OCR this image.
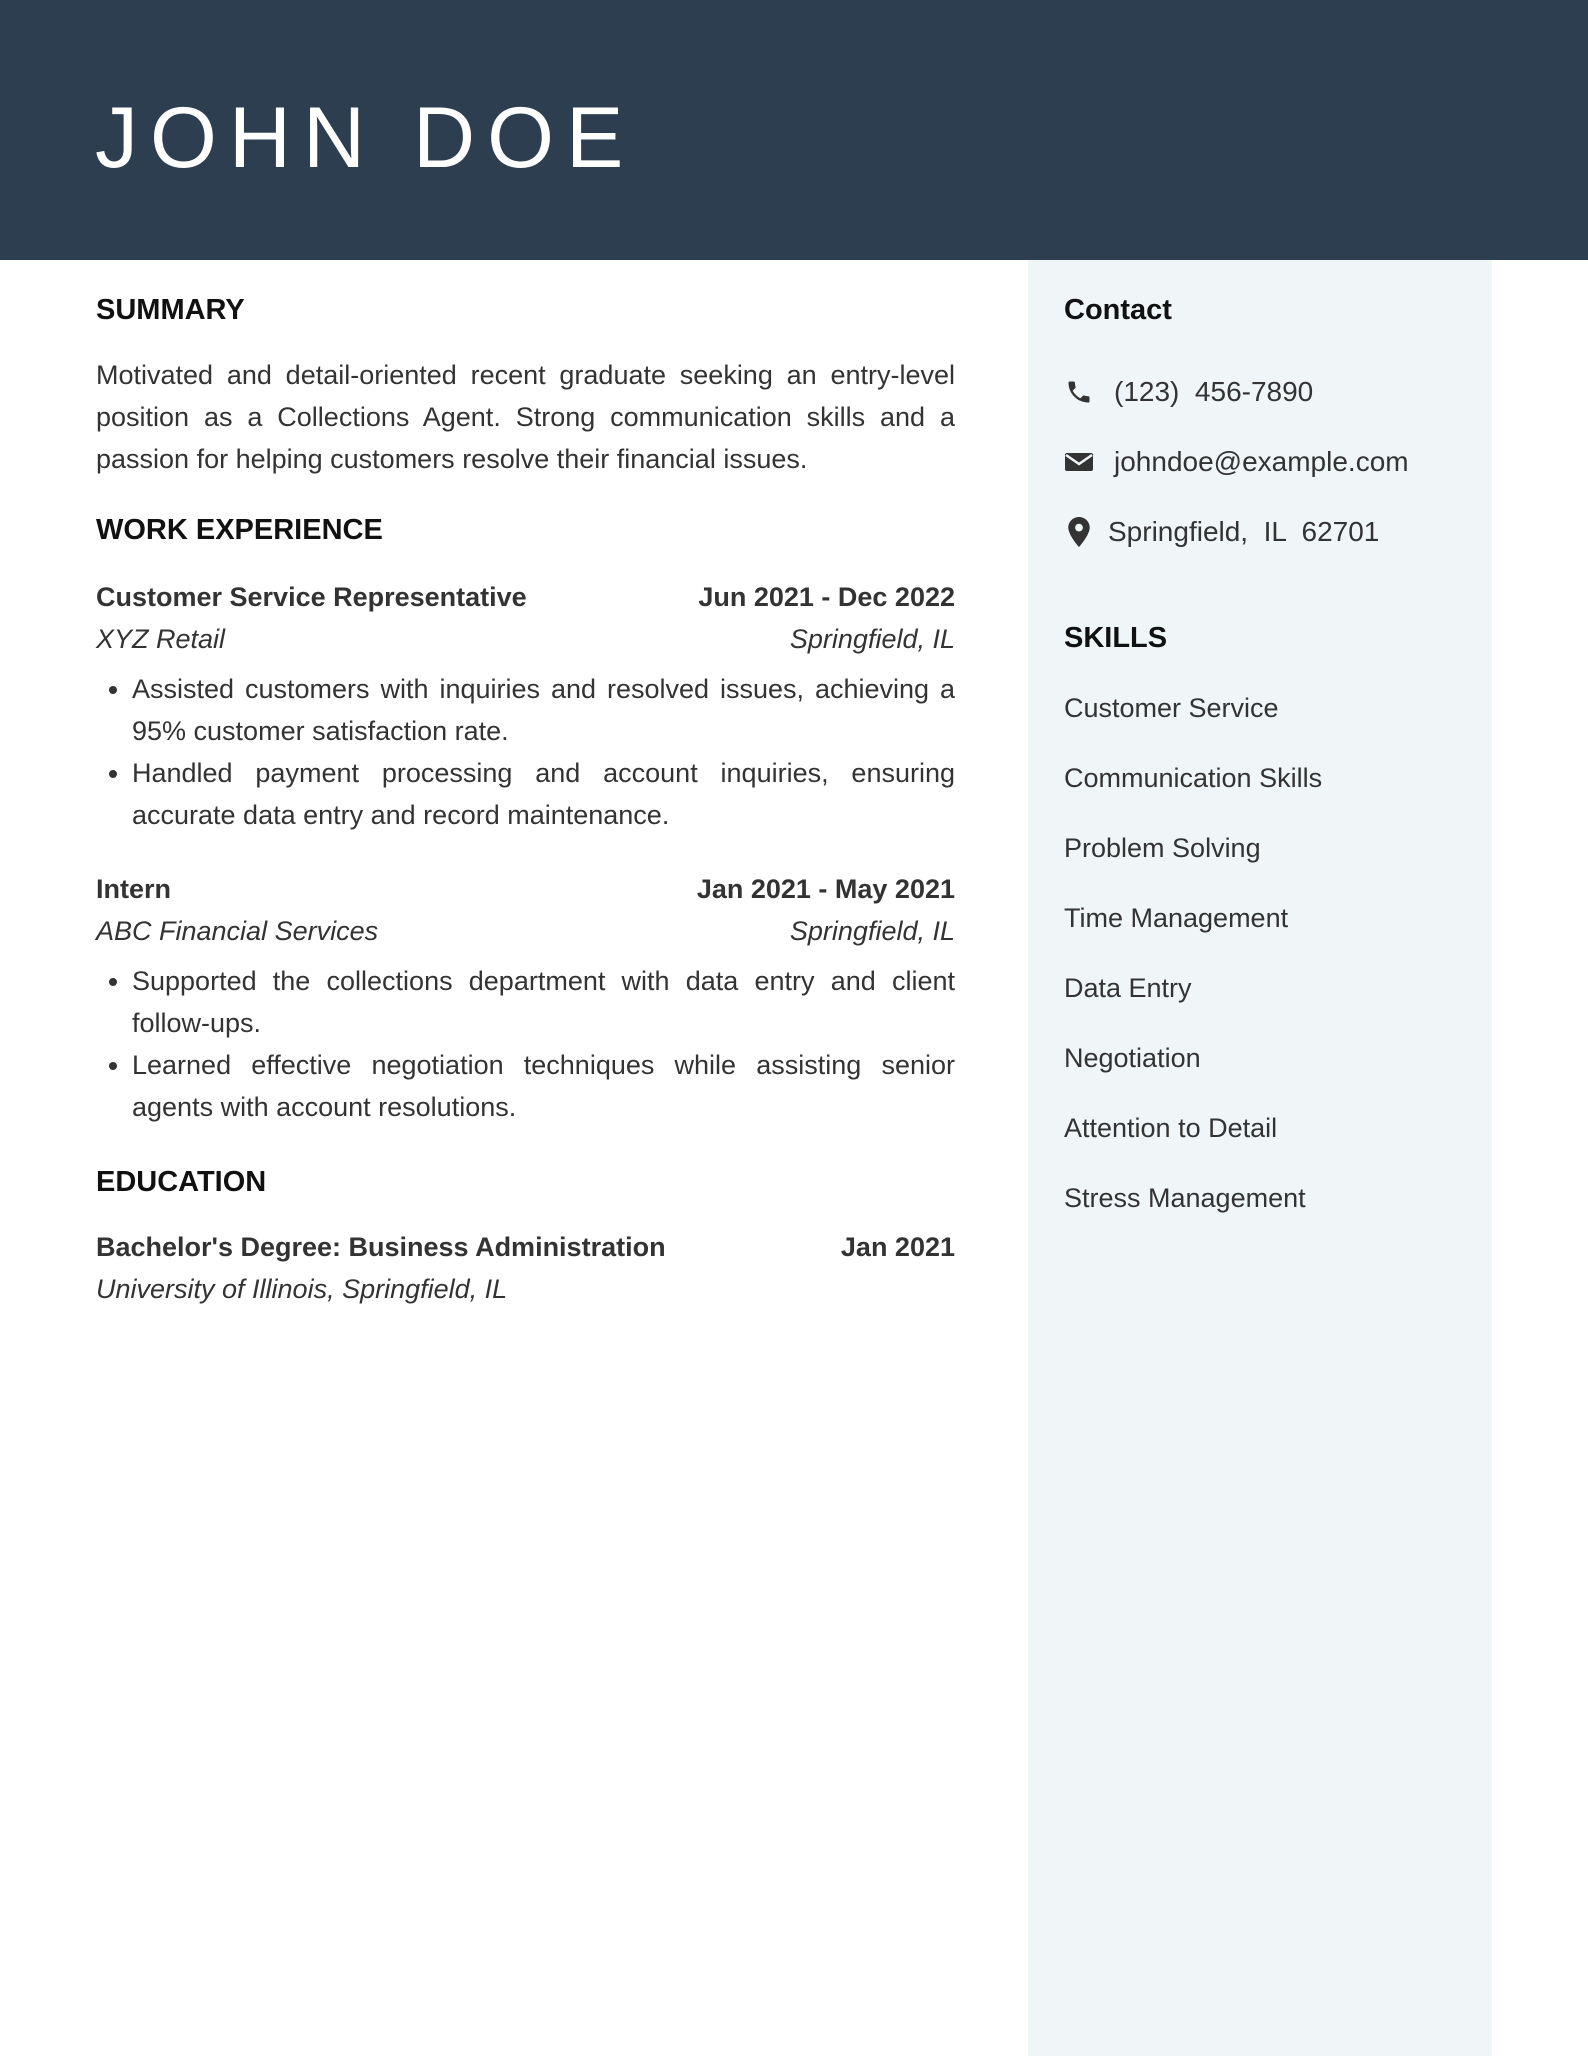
JOHN DOE
Contact
(123)  456-7890
johndoe@example.com
Springfield,  IL  62701
SKILLS
Customer Service
Communication Skills
Problem Solving
Time Management
Data Entry
Negotiation
Attention to Detail
Stress Management
SUMMARY

Motivated and detail-oriented recent graduate seeking an entry-level position as a Collections Agent. Strong communication skills and a passion for helping customers resolve their financial issues.

WORK EXPERIENCE
Customer Service Representative	Jun 2021 - Dec 2022
XYZ Retail	Springfield, IL
• Assisted customers with inquiries and resolved issues, achieving a 95% customer satisfaction rate.
• Handled payment processing and account inquiries, ensuring accurate data entry and record maintenance.
Intern	Jan 2021 - May 2021
ABC Financial Services	Springfield, IL
• Supported the collections department with data entry and client follow-ups.
• Learned effective negotiation techniques while assisting senior agents with account resolutions.
EDUCATION
Bachelor's Degree: Business Administration	Jan 2021
University of Illinois, Springfield, IL
